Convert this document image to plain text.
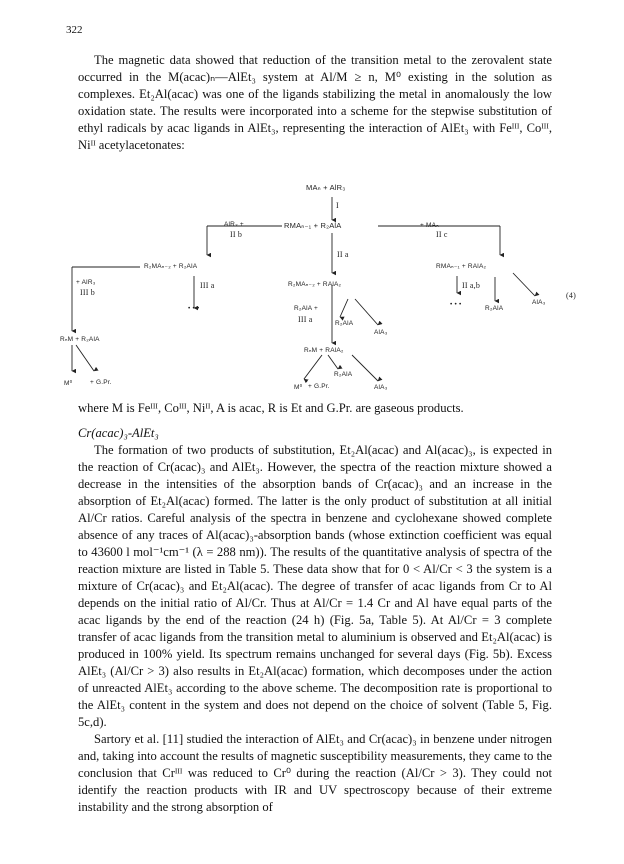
322

The magnetic data showed that reduction of the transition metal to the zerovalent state occurred in the M(acac)ₙ—AlEt₃ system at Al/M ≥ n, M⁰ existing in the solution as complexes. Et₂Al(acac) was one of the ligands stabilizing the metal in anomalously the low oxidation state. The results were incorporated into a scheme for the stepwise substitution of ethyl radicals by acac ligands in AlEt₃, representing the interaction of AlEt₃ with Feᴵᴵᴵ, Coᴵᴵᴵ, Niᴵᴵ acetylacetonates:

MAₙ + AlR₃
I
AlR₃ +
II b
RMAₙ₋₁ + R₂AlA	+ MAₙ
II c
II a
R₂MAₙ₋₂ + R₂AlA
+ AlR₃
III b
III a
• • •
R₂MAₙ₋₂ + RAlA₂
R₂AlA +
III a	R₂AlA
AlA₃
RMAₙ₋₁ + RAlA₂
II a,b
AlA₃
• • •
R₂AlA
(4)
RₙM + R₂AlA
M⁰	+ G.Pr.
RₙM + RAlA₂
R₂AlA
M⁰ + G.Pr.	AlA₃

where M is Feᴵᴵᴵ, Coᴵᴵᴵ, Niᴵᴵ, A is acac, R is Et and G.Pr. are gaseous products.

Cr(acac)₃-AlEt₃

The formation of two products of substitution, Et₂Al(acac) and Al(acac)₃, is expected in the reaction of Cr(acac)₃ and AlEt₃. However, the spectra of the reaction mixture showed a decrease in the intensities of the absorption bands of Cr(acac)₃ and an increase in the absorption of Et₂Al(acac) formed. The latter is the only product of substitution at all initial Al/Cr ratios. Careful analysis of the spectra in benzene and cyclohexane showed complete absence of any traces of Al(acac)₃-absorption bands (whose extinction coefficient was equal to 43600 l mol⁻¹cm⁻¹ (λ = 288 nm)). The results of the quantitative analysis of spectra of the reaction mixture are listed in Table 5. These data show that for 0 < Al/Cr < 3 the system is a mixture of Cr(acac)₃ and Et₂Al(acac). The degree of transfer of acac ligands from Cr to Al depends on the initial ratio of Al/Cr. Thus at Al/Cr = 1.4 Cr and Al have equal parts of the acac ligands by the end of the reaction (24 h) (Fig. 5a, Table 5). At Al/Cr = 3 complete transfer of acac ligands from the transition metal to aluminium is observed and Et₂Al(acac) is produced in 100% yield. Its spectrum remains unchanged for several days (Fig. 5b). Excess AlEt₃ (Al/Cr > 3) also results in Et₂Al(acac) formation, which decomposes under the action of unreacted AlEt₃ according to the above scheme. The decomposition rate is proportional to the AlEt₃ content in the system and does not depend on the choice of solvent (Table 5, Fig. 5c,d).

Sartory et al. [11] studied the interaction of AlEt₃ and Cr(acac)₃ in benzene under nitrogen and, taking into account the results of magnetic susceptibility measurements, they came to the conclusion that Crᴵᴵᴵ was reduced to Cr⁰ during the reaction (Al/Cr > 3). They could not identify the reaction products with IR and UV spectroscopy because of their extreme instability and the strong absorption of
